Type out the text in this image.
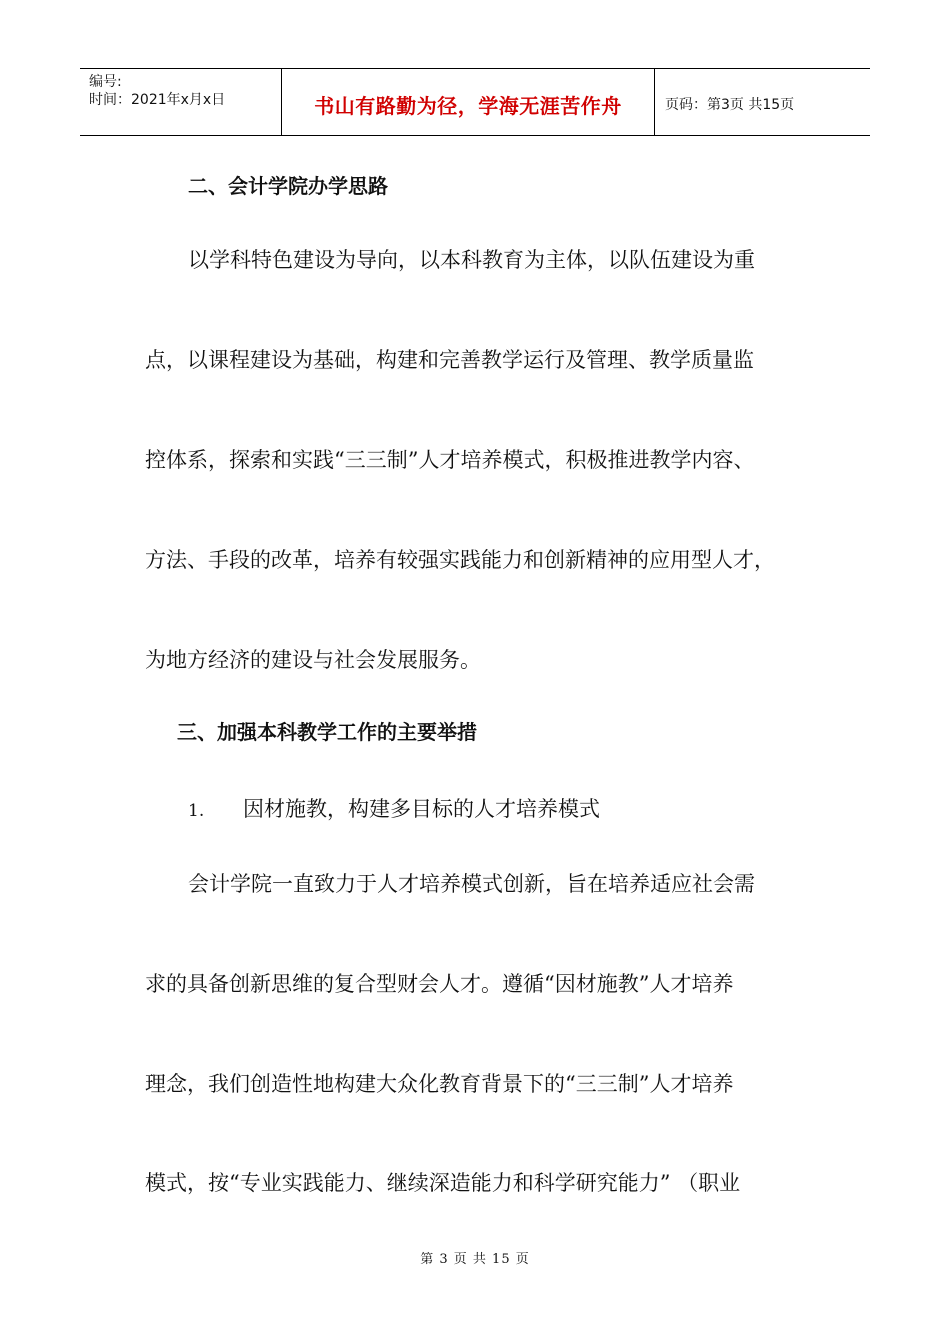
编号:
时间：2021年x月x日	书山有路勤为径，学海无涯苦作舟	页码：第3页 共15页
二、会计学院办学思路
以学科特色建设为导向，以本科教育为主体，以队伍建设为重
点，以课程建设为基础，构建和完善教学运行及管理、教学质量监
控体系，探索和实践“三三制”人才培养模式，积极推进教学内容、
方法、手段的改革，培养有较强实践能力和创新精神的应用型人才，
为地方经济的建设与社会发展服务。
三、加强本科教学工作的主要举措
1. 因材施教，构建多目标的人才培养模式
会计学院一直致力于人才培养模式创新，旨在培养适应社会需
求的具备创新思维的复合型财会人才。遵循“因材施教”人才培养
理念，我们创造性地构建大众化教育背景下的“三三制”人才培养
模式，按“专业实践能力、继续深造能力和科学研究能力” （职业
第 3 页 共 15 页
